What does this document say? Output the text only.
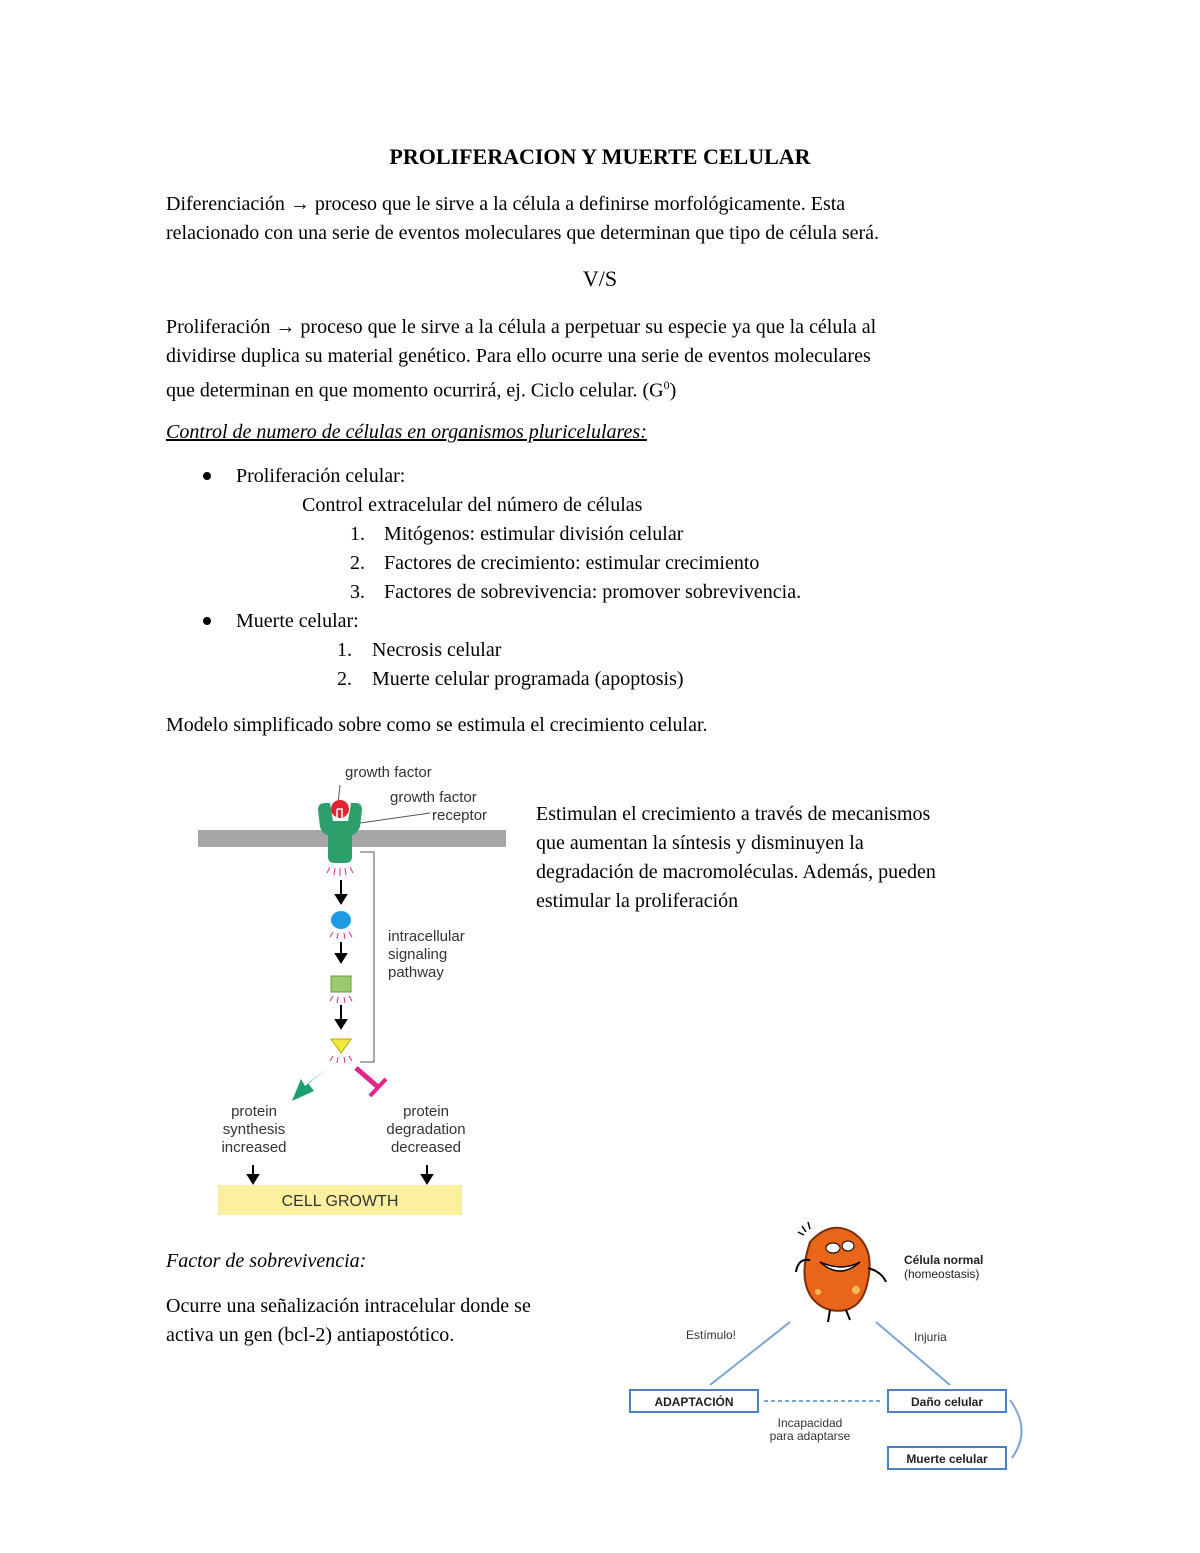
PROLIFERACION Y MUERTE CELULAR
Diferenciación → proceso que le sirve a la célula a definirse morfológicamente. Esta
relacionado con una serie de eventos moleculares que determinan que tipo de célula será.
V/S
Proliferación → proceso que le sirve a la célula a perpetuar su especie ya que la célula al
dividirse duplica su material genético. Para ello ocurre una serie de eventos moleculares
que determinan en que momento ocurrirá, ej. Ciclo celular. $(G^0)$
Control de numero de células en organismos pluricelulares:
Proliferación celular:
Control extracelular del número de células
1. Mitógenos: estimular división celular
2. Factores de crecimiento: estimular crecimiento
3. Factores de sobrevivencia: promover sobrevivencia.
Muerte celular:
1. Necrosis celular
2. Muerte celular programada (apoptosis)
Modelo simplificado sobre como se estimula el crecimiento celular.
growth factor
growth factor
receptor
intracellular
signaling
pathway
protein
synthesis
increased
protein
degradation
decreased
CELL GROWTH
Estimulan el crecimiento a través de mecanismos
que aumentan la síntesis y disminuyen la
degradación de macromoléculas. Además, pueden
estimular la proliferación
Factor de sobrevivencia:
Ocurre una señalización intracelular donde se
activa un gen (bcl-2) antiapostótico.
Célula normal
(homeostasis)
Estímulo!	Injuria
ADAPTACIÓN	Daño celular
Incapacidad
para adaptarse
Muerte celular
